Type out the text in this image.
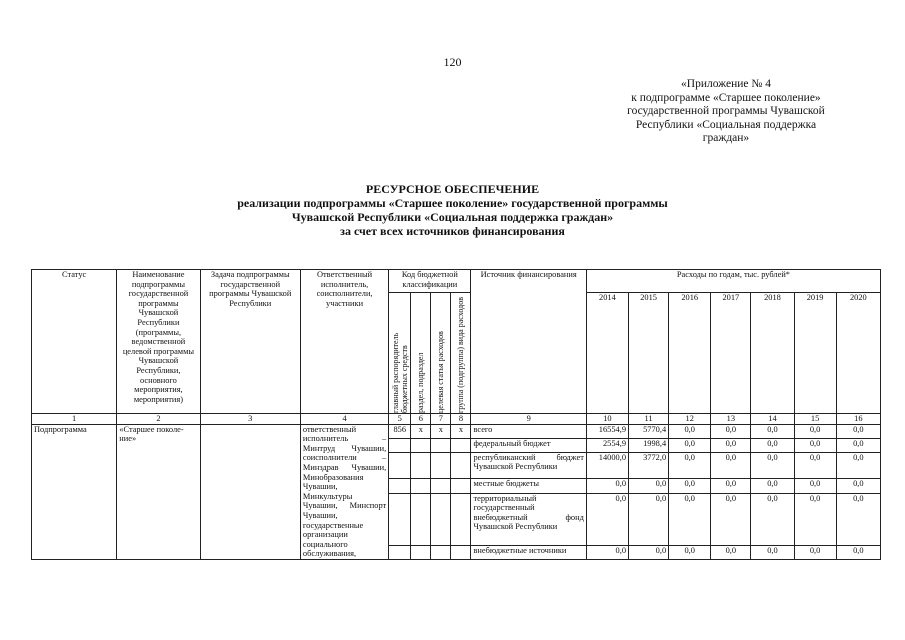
120
«Приложение № 4
к подпрограмме «Старшее поколение»
государственной программы Чувашской
Республики «Социальная поддержка
граждан»
РЕСУРСНОЕ ОБЕСПЕЧЕНИЕ
реализации подпрограммы «Старшее поколение» государственной программы
Чувашской Республики «Социальная поддержка граждан»
за счет всех источников финансирования
Статус	Наименование подпрограммы государственной программы Чувашской Республики (программы, ведомственной целевой программы Чувашской Республики, основного мероприятия, мероприятия)	Задача подпрограммы государственной программы Чувашской Республики	Ответственный исполнитель, соисполнители, участники	Код бюджетной классификации				Источник финансирования	Расходы по годам, тыс. рублей*						

				главный распорядитель бюджетных средств	раздел, подраздел	целевая статья расходов	группа (подгруппа) вида расходов		2014	2015	2016	2017	2018	2019	2020
1	2	3	4	5	6	7	8	9	10	11	12	13	14	15	16
Подпрограмма	«Старшее поколе-ние»		ответственный исполнитель – Минтруд Чувашии, соисполнители – Минздрав Чувашии, Минобразования Чувашии, Минкультуры Чувашии, Минспорт Чувашии, государственные организации социального обслуживания,	856	x	x	x	всего	16554,9	5770,4	0,0	0,0	0,0	0,0	0,0
								федеральный бюджет	2554,9	1998,4	0,0	0,0	0,0	0,0	0,0
								республиканский бюджет Чувашской Республики	14000,0	3772,0	0,0	0,0	0,0	0,0	0,0
								местные бюджеты	0,0	0,0	0,0	0,0	0,0	0,0	0,0
								территориальный государственный внебюджетный фонд Чувашской Республики	0,0	0,0	0,0	0,0	0,0	0,0	0,0
								внебюджетные источники	0,0	0,0	0,0	0,0	0,0	0,0	0,0
